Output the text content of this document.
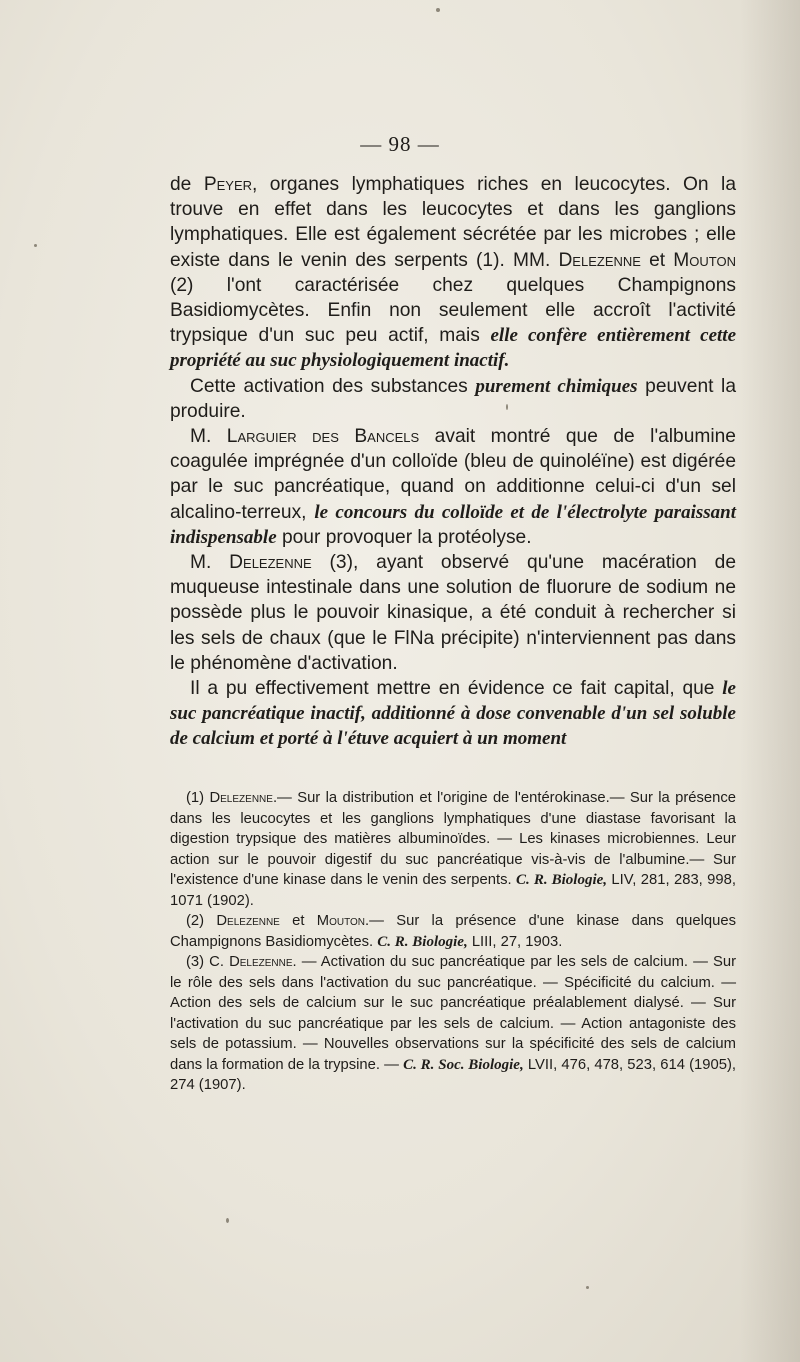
— 98 —

de Peyer, organes lymphatiques riches en leucocytes. On la trouve en effet dans les leucocytes et dans les ganglions lymphatiques. Elle est également sécrétée par les microbes ; elle existe dans le venin des serpents (1). MM. Delezenne et Mouton (2) l'ont caractérisée chez quelques Champignons Basidiomycètes. Enfin non seulement elle accroît l'activité trypsique d'un suc peu actif, mais elle confère entièrement cette propriété au suc physiologiquement inactif.

Cette activation des substances purement chimiques peuvent la produire.

M. Larguier des Bancels avait montré que de l'albumine coagulée imprégnée d'un colloïde (bleu de quinoléïne) est digérée par le suc pancréatique, quand on additionne celui-ci d'un sel alcalino-terreux, le concours du colloïde et de l'électrolyte paraissant indispensable pour provoquer la protéolyse.

M. Delezenne (3), ayant observé qu'une macération de muqueuse intestinale dans une solution de fluorure de sodium ne possède plus le pouvoir kinasique, a été conduit à rechercher si les sels de chaux (que le FlNa précipite) n'interviennent pas dans le phénomène d'activation.

Il a pu effectivement mettre en évidence ce fait capital, que le suc pancréatique inactif, additionné à dose convenable d'un sel soluble de calcium et porté à l'étuve acquiert à un moment

(1) Delezenne.— Sur la distribution et l'origine de l'entérokinase.— Sur la présence dans les leucocytes et les ganglions lymphatiques d'une diastase favorisant la digestion trypsique des matières albuminoïdes. — Les kinases microbiennes. Leur action sur le pouvoir digestif du suc pancréatique vis-à-vis de l'albumine.— Sur l'existence d'une kinase dans le venin des serpents. C. R. Biologie, LIV, 281, 283, 998, 1071 (1902).

(2) Delezenne et Mouton.— Sur la présence d'une kinase dans quelques Champignons Basidiomycètes. C. R. Biologie, LIII, 27, 1903.

(3) C. Delezenne. — Activation du suc pancréatique par les sels de calcium. — Sur le rôle des sels dans l'activation du suc pancréatique. — Spécificité du calcium. — Action des sels de calcium sur le suc pancréatique préalablement dialysé. — Sur l'activation du suc pancréatique par les sels de calcium. — Action antagoniste des sels de potassium. — Nouvelles observations sur la spécificité des sels de calcium dans la formation de la trypsine. — C. R. Soc. Biologie, LVII, 476, 478, 523, 614 (1905), 274 (1907).
